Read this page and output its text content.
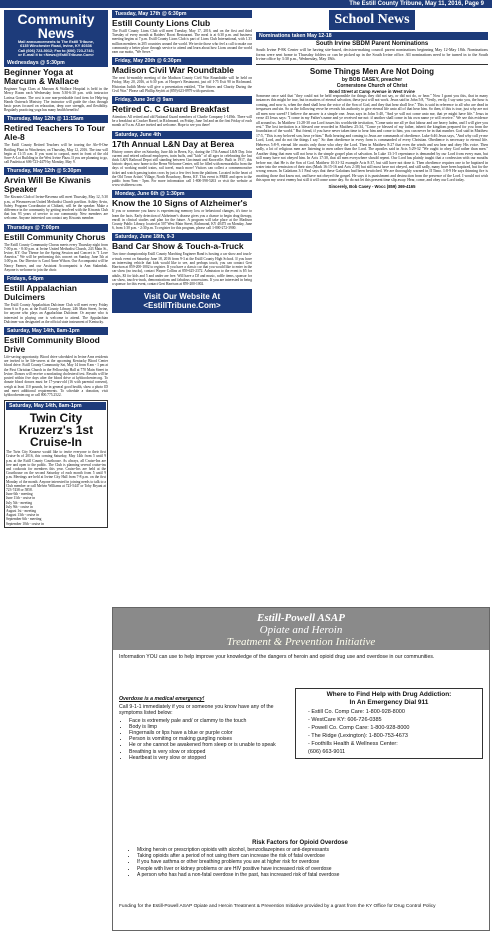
The Estill County Tribune, May 11, 2016, Page 9
Community News
Mail announcements to The Estill Tribune,
6135 Winchester Road, Irvine, KY 40336
Call (606) 723-5012; Fax to (606) 723-2743;
or E-mail it to <News@EstillTribune.Com>
Wednesdays @ 5:30pm
Beginner Yoga at Marcum & Wallace

Beginner Yoga Class at Marcum & Wallace Hospital is held in the Mercy Room each Wednesday from 5:30-6:30 p.m. with instructor Larissa Gomez. The cost is one non-perishable food item for Help-ing Hands Outreach Ministry. The instructor will guide the class through basic poses focused on relaxation, deep core strength, and flexibility. Regularly practicing yoga has many health benefits!

Thursday, May 12th @ 11:15am
Retired Teachers To Tour Ale-8

The Estill County Retired Teachers will be touring the Ale-8-One Bottling Plant in Winchester, on Thursday, May 12, 2016. The tour will begin at 11:15 a.m. If you want to carpool, meet in front of the old Save-A-Lot Building in the West Irvine Plaza. If you are planning to go, call Pauletta at 606-723-4479 by Monday, May 9.

Thursday, May 12th @ 5:30pm
Arvin Will Be Kiwanis Speaker

The Kiwanis Club of Irvine-Ravenna will meet Thursday, May 12, 5:30 p.m., at Wesmorewon United Methodist Church pavilion. Ashley Arvin, Safety Program Coordinator at Chiltarti, will be the speaker. Make a difference in the community by getting involved with the Kiwanis Club that has 93 years of service to our community. New members are welcome. Anyone interested can contact any Kiwanis member.

Thursdays @ 7:00pm
Estill Community Chorus

The Estill County Community Chorus meets every Thursday night from 7:00 p.m. - 8:30 p.m. at Irvine United Methodist Church, 243 Main St., Irvine, KY. Our Theme for the Spring Session and Concert is "I Love America." We will be performing this concert on Sunday, June 5th at 3:00 p.m. Our Director is Carol Anne Wilson. Our Accompanist will be Nancy Farmer, and our Assistant Accompanist is Ann Stakmbak. Anyone is welcome to join the choir.

Fridays, 6-8pm
Estill Appalachian Dulcimers

The Estill County Appalachian Dulcimer Club will meet every Friday from 6 to 8 p.m. at the Estill County Library, 246 Main Street, Irvine, for anyone who plays an Appalachian Dulcimer. Or anyone who is interested in playing one is welcome to attend. The Appalachian Dulcimer was designated as the official state instrument of Kentucky.

Saturday, May 14th, 8am-1pm
Estill Community Blood Drive

Life-saving opportunity. Blood drive scheduled in Irvine Area residents are invited to be life-savers at the upcoming Kentucky Blood Center blood drive. Estill County Community Sat, May 14 from 8 am - 1 pm at the First Christian Church in the Fellowship Hall at 770 Main Street in Irvine. Donors will receive a nonfasting cholesterol test. Results will be posted within five days after the blood drive at kybloodcenter.org. To donate blood donors must be 17-years-old (16 with parental consent), weigh at least 110 pounds, be in general good health, show a photo ID and meet additional requirements. To schedule a donation, visit kybloodcenter.org or call 800.775.2522.

Saturday, May 14th, 8am-1pm
Twin City Kruzerz's 1st Cruise-In

The Twin City Kruzerz would like to invite everyone to their first Cruise-In of 2016, this coming Saturday, May 14th from 5 until 9 p.m. at the Estill County Courthouse. As always, all Cruise-Ins are free and open to the public. The Club is planning several cruise-ins and cookouts for members this year. Cruise-Ins are held at the Courthouse on the second Saturday of each month from 5 until 9 p.m. Meetings are held at Irvine City Hall from 7-8 p.m. on the first Monday of the month. Anyone interested in joining needs to talk to a Club member or call Melvin Williams at 723-5447 or Toby Bryant at 723-7438 or 5858.

June 6th - meeting
June 11th - cruise in
July 5th - meeting
July 9th - cruise in
August 1st - meeting
August 13th - cruise in
September 6th - meeting
September 10th - cruise in
Tuesday, May 17th @ 6:30pm
Estill County Lions Club

The Estill County Lions Club will meet Tuesday, May 17, 2016, and on the first and third Tuesday of every month at Raiders' Roost Restaurant. The meal is at 6:30 p.m. and business meeting begins at 7 p.m. Estill County Lions Club is part of Lions Club International, with 1.35 million members in 205 countries around the world. We invite those who feel a call to make our community a better place through service to attend and learn about how Lions around the world earn our motto, "We Serve."

Friday, May 20th @ 6:30pm
Madison Civil War Roundtable

The next bi-monthly meeting of the Madison County Civil War Roundtable will be held on Friday, May 20, 2016, at 6:30 p.m. at Hooper's Restaurant, just off I-75 Exit 90 in Richmond. Historian Judith Mertz will give a presentation entitled, "The Sisters and Charity During the Civil War." Please call Phillip Seyfrit at (859) 623-8979 with questions.

Friday, June 3rd @ 9am
Retired C. C Guard Breakfast

Attention: All retired and old National Guard members of Charlie Company 1-149th. There will be a breakfast at Cracker Barrel, in Richmond, on Friday, June 3rd and on the first Friday of each month at 9 a.m. All are invited and welcome. Hope to see you there!

Saturday, June 4th
17th Annual L&N Day at Berea

History comes alive on Saturday, June 4th in Berea, Ky., during the 17th Annual L&N Day. Join current and retired railroad employees, train buffs, and "kids" of all ages in celebrating the last thick L&N Railroad Depot still standing between Cincinnati and Knoxville. Built in 1917, this historic depot, now home to the Berea Welcome Center, will be filled with memorabilia from the days of working model trains, rail travel, much more! Visitors can collect a commemorative ticket and watch passing trains cross by just a few feet from the platform. Located in the heart of the Old Town Artists' Village, North Broadway, Berea, KY. This event is FREE and open to the public from 9am - 5pm. For more information call 1-800-598-5263 or visit the website at www.visitberea.com.

Monday, June 6th @ 1:30pm
Know the 10 Signs of Alzheimer's

If you or someone you know is experiencing memory loss or behavioral changes, it's time to learn the facts. Early detection of Alzheimer's disease gives you a chance to begin drug therapy, enroll in clinical studies and plan for the future. A program will take place at the Madison County Public Library, located at 507 West Main Street, Richmond, KY 40475 on Monday, June 6, from 1:30 p.m. - 2:30 p.m. To register for this program, please call 1-800-272-3900.

Saturday, June 18th, 9-3
Band Car Show & Touch-a-Truck

Two time championship Estill County Marching Engineer Band is hosting a car show and touch-a-truck event on Saturday June 18, 2016 from 9-3 at the Estill County High School. If you have an interesting vehicle that kids would like to see, and perhaps touch, you can contact Geri Harrison at 859-200-1002 to register. If you have a classic car that you would like to enter in the car show (no trucks), contact Wayne Collins at 859-625-2372. Admission to the event is $5 for adults, $3 for kids and 5 and under are free. Will have a DJ and music, raffle items, sponsor for car show, touch-a-truck, demonstrations and fabulous concessions. If you are interested in being a sponsor for this event, contact Geri Harrison at 859-200-1002.

Visit Our Website At
<EstillTribune.Com>
School News
Nominations taken May 12-18
South Irvine SBDM Parent Nominations

South Irvine P-8K Center will be having site-based, decision-making council parent nominations beginning May 12-May 18th. Nominations forms were sent home to Thursday folders or can be picked up in the South Irvine office. All nominations need to be turned in to the South Irvine office by 3:30 p.m., Wednesday, May 18th.

Some Things Men Are Not Doing

by BOB CASEY, preacher

Cornerstone Church of Christ

Bond Street at Camp Avenue in West Irvine

Someone once said that "they could not be held responsible for things they did not say, or did not do, or hear." Now I grant you this, that in many instances this might be true, but in matters of eternal salvation, these just will not work. Jesus said in John 5:8, "Verily, verily, I say unto you, the hour is coming, and now is, when the dead shall hear the voice of the Son of God, and they that hear shall live." This is said in reference to all who are dead in trespasses and sin. So as the following verse he reveals his authority to give eternal life unto all of that hear him. So then, if this is true, just why are not all men now saved? I believe the answer is a simple one. Jesus says in John 5:40, "And ye will not come unto me, that ye might have life." Jesus in verse 43 Jesus says: "I come in my Father's name and ye received me not: if another shall come in his own name ye will receive." We see this evidence all around us. In Matthew 11:28-30 our Lord issues his worldwide invitation, "Come unto me all ye that labour and are heavy laden, and I will give you rest." The lost invitation is a blessed one recorded in Matthew 25:34, "Come ye blessed of my father, inherit the kingdom prepared for you from the foundation of the world." But friend, if you have never taken time to hear him and come to him, you can never be in that number. God said in Matthew 17:5, "This is my beloved son, hear ye him." Both hearing and coming to Jesus are commands of obedience. Luke 6:46 Jesus says, "And why call ye me Lord, Lord, and do not the things I say." So then obedience in every form is commanded of every Christian. Obedience is necessary to eternal life. Hebrews 5:8-9, eternal life awaits only those who obey the Lord. Then in Matthew 8:27 that even the winds and sea hear and obey His voice. Then sadly, a lot of religious men are listening to men rather than the Lord. The apostles said in Acts 5:29-32 "We ought to obey God rather than men." Another thing that men will not hear is the simple gospel plan of salvation. In Luke 13:1-5 repentance is demanded by our Lord from every man, but still many have not obeyed him. In Acts 17:30, that all men everywhere should repent. Our Lord has plainly taught that a confession with our mouths before me, that He is the Son of God. Matthew 10:31-32 example Acts 8:37, but still have not done it. Then obedience requires one to be baptized in water into the remission of their sins (Mark 16:15-16 and Acts 2:38) but still most have not obeyed, and still sadly, many have been baptized, but for the wrong reason. In Galatians 3:1 Paul says that these Galatians had been bewitched. We are thoroughly warned in II Timo. 1:8-9 He says thinning fire is awaiting those that know not, and have not obeyed the gospel. He says it is punishment and destruction from the presence of the Lord. I would not wish this upon my worst enemy but still it will come some day. So do not let this present time slip away. Hear, come, and obey our Lord today.

Sincerely, Bob Casey - Wocc (859) 369-4165
Estill-Powell ASAP
Opiate and Heroin
Treatment & Prevention Initiative

Information YOU can use to help improve your knowledge of the dangers of heroin and opioid drug use and overdose in our communities.

Overdose is a medical emergency!
Call 9-1-1 immediately if you or someone you know have any of the symptoms listed below:
• Face is extremely pale and/ or clammy to the touch
• Body is limp
• Fingernails or lips have a blue or purple color
• Person is vomiting or making gurgling noises
• He or she cannot be awakened from sleep or is unable to speak
• Breathing is very slow or stopped
• Heartbeat is very slow or stopped
Where to Find Help with Drug Addiction:
In An Emergency Dial 911
- Estill Co. Comp Care: 1-800-928-8000
- WestCare KY: 606-726-0385
- Powell Co. Comp Care: 1-800-928-8000
- The Ridge (Lexington): 1-800-753-4673
- Foothills Health & Wellness Center:
(606) 663-9011
Risk Factors for Opioid Overdose
• Mixing heroin or prescription opioids with alcohol, benzodiazepines or anti-depressants
• Taking opioids after a period of not using them can increase the risk of fatal overdose
• If you have asthma or other breathing problems you are at higher risk for overdose
• People with liver or kidney problems or are HIV positive have increased risk of overdose
• A person who has had a non-fatal overdose in the past, has increased risk of fatal overdose
Funding for the Estill-Powell ASAP Opiate and Heroin Treatment & Prevention Initiative provided by a grant from the KY Office for Drug Control Policy
